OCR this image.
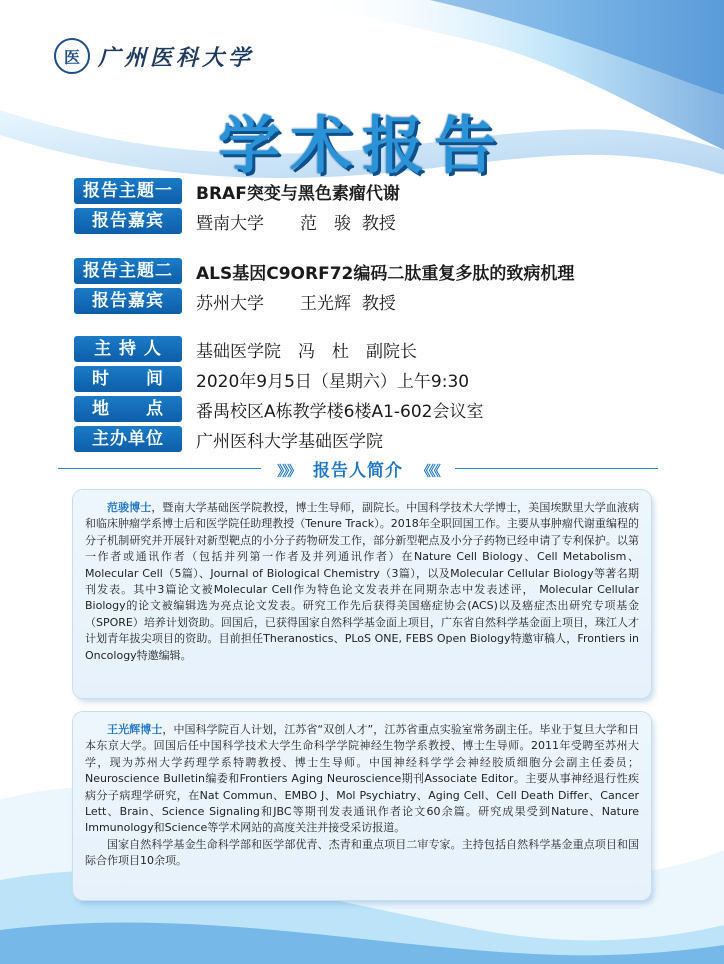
医 广州医科大学
学术报告
报告主题一	BRAF突变与黑色素瘤代谢
报告嘉宾	暨南大学 范　骏 教授
报告主题二	ALS基因C9ORF72编码二肽重复多肽的致病机理
报告嘉宾	苏州大学 王光辉 教授
主 持 人	基础医学院　冯　杜　副院长
时　　间	2020年9月5日（星期六）上午9:30
地　　点	番禺校区A栋教学楼6楼A1-602会议室
主办单位	广州医科大学基础医学院
》》》 报告人简介 《《《

范骏博士，暨南大学基础医学院教授，博士生导师，副院长。中国科学技术大学博士，美国埃默里大学血液病和临床肿瘤学系博士后和医学院任助理教授（Tenure Track）。2018年全职回国工作。主要从事肿瘤代谢重编程的分子机制研究并开展针对新型靶点的小分子药物研发工作，部分新型靶点及小分子药物已经申请了专利保护。以第一作者或通讯作者（包括并列第一作者及并列通讯作者）在Nature Cell Biology、Cell Metabolism、 Molecular Cell（5篇）、Journal of Biological Chemistry（3篇），以及Molecular Cellular Biology等著名期刊发表。其中3篇论文被Molecular Cell作为特色论文发表并在同期杂志中发表述评， Molecular Cellular Biology的论文被编辑选为亮点论文发表。研究工作先后获得美国癌症协会(ACS)以及癌症杰出研究专项基金（SPORE）培养计划资助。回国后，已获得国家自然科学基金面上项目，广东省自然科学基金面上项目，珠江人才计划青年拔尖项目的资助。目前担任Theranostics、PLoS ONE, FEBS Open Biology特邀审稿人，Frontiers in Oncology特邀编辑。

王光辉博士，中国科学院百人计划，江苏省“双创人才”，江苏省重点实验室常务副主任。毕业于复旦大学和日本东京大学。回国后任中国科学技术大学生命科学学院神经生物学系教授、博士生导师。2011年受聘至苏州大学，现为苏州大学药理学系特聘教授、博士生导师。中国神经科学学会神经胶质细胞分会副主任委员；Neuroscience Bulletin编委和Frontiers Aging Neuroscience期刊Associate Editor。主要从事神经退行性疾病分子病理学研究，在Nat Commun、EMBO J、Mol Psychiatry、Aging Cell、Cell Death Differ、Cancer Lett、Brain、Science Signaling和JBC等期刊发表通讯作者论文60余篇。研究成果受到Nature、Nature Immunology和Science等学术网站的高度关注并接受采访报道。

国家自然科学基金生命科学部和医学部优青、杰青和重点项目二审专家。主持包括自然科学基金重点项目和国际合作项目10余项。
